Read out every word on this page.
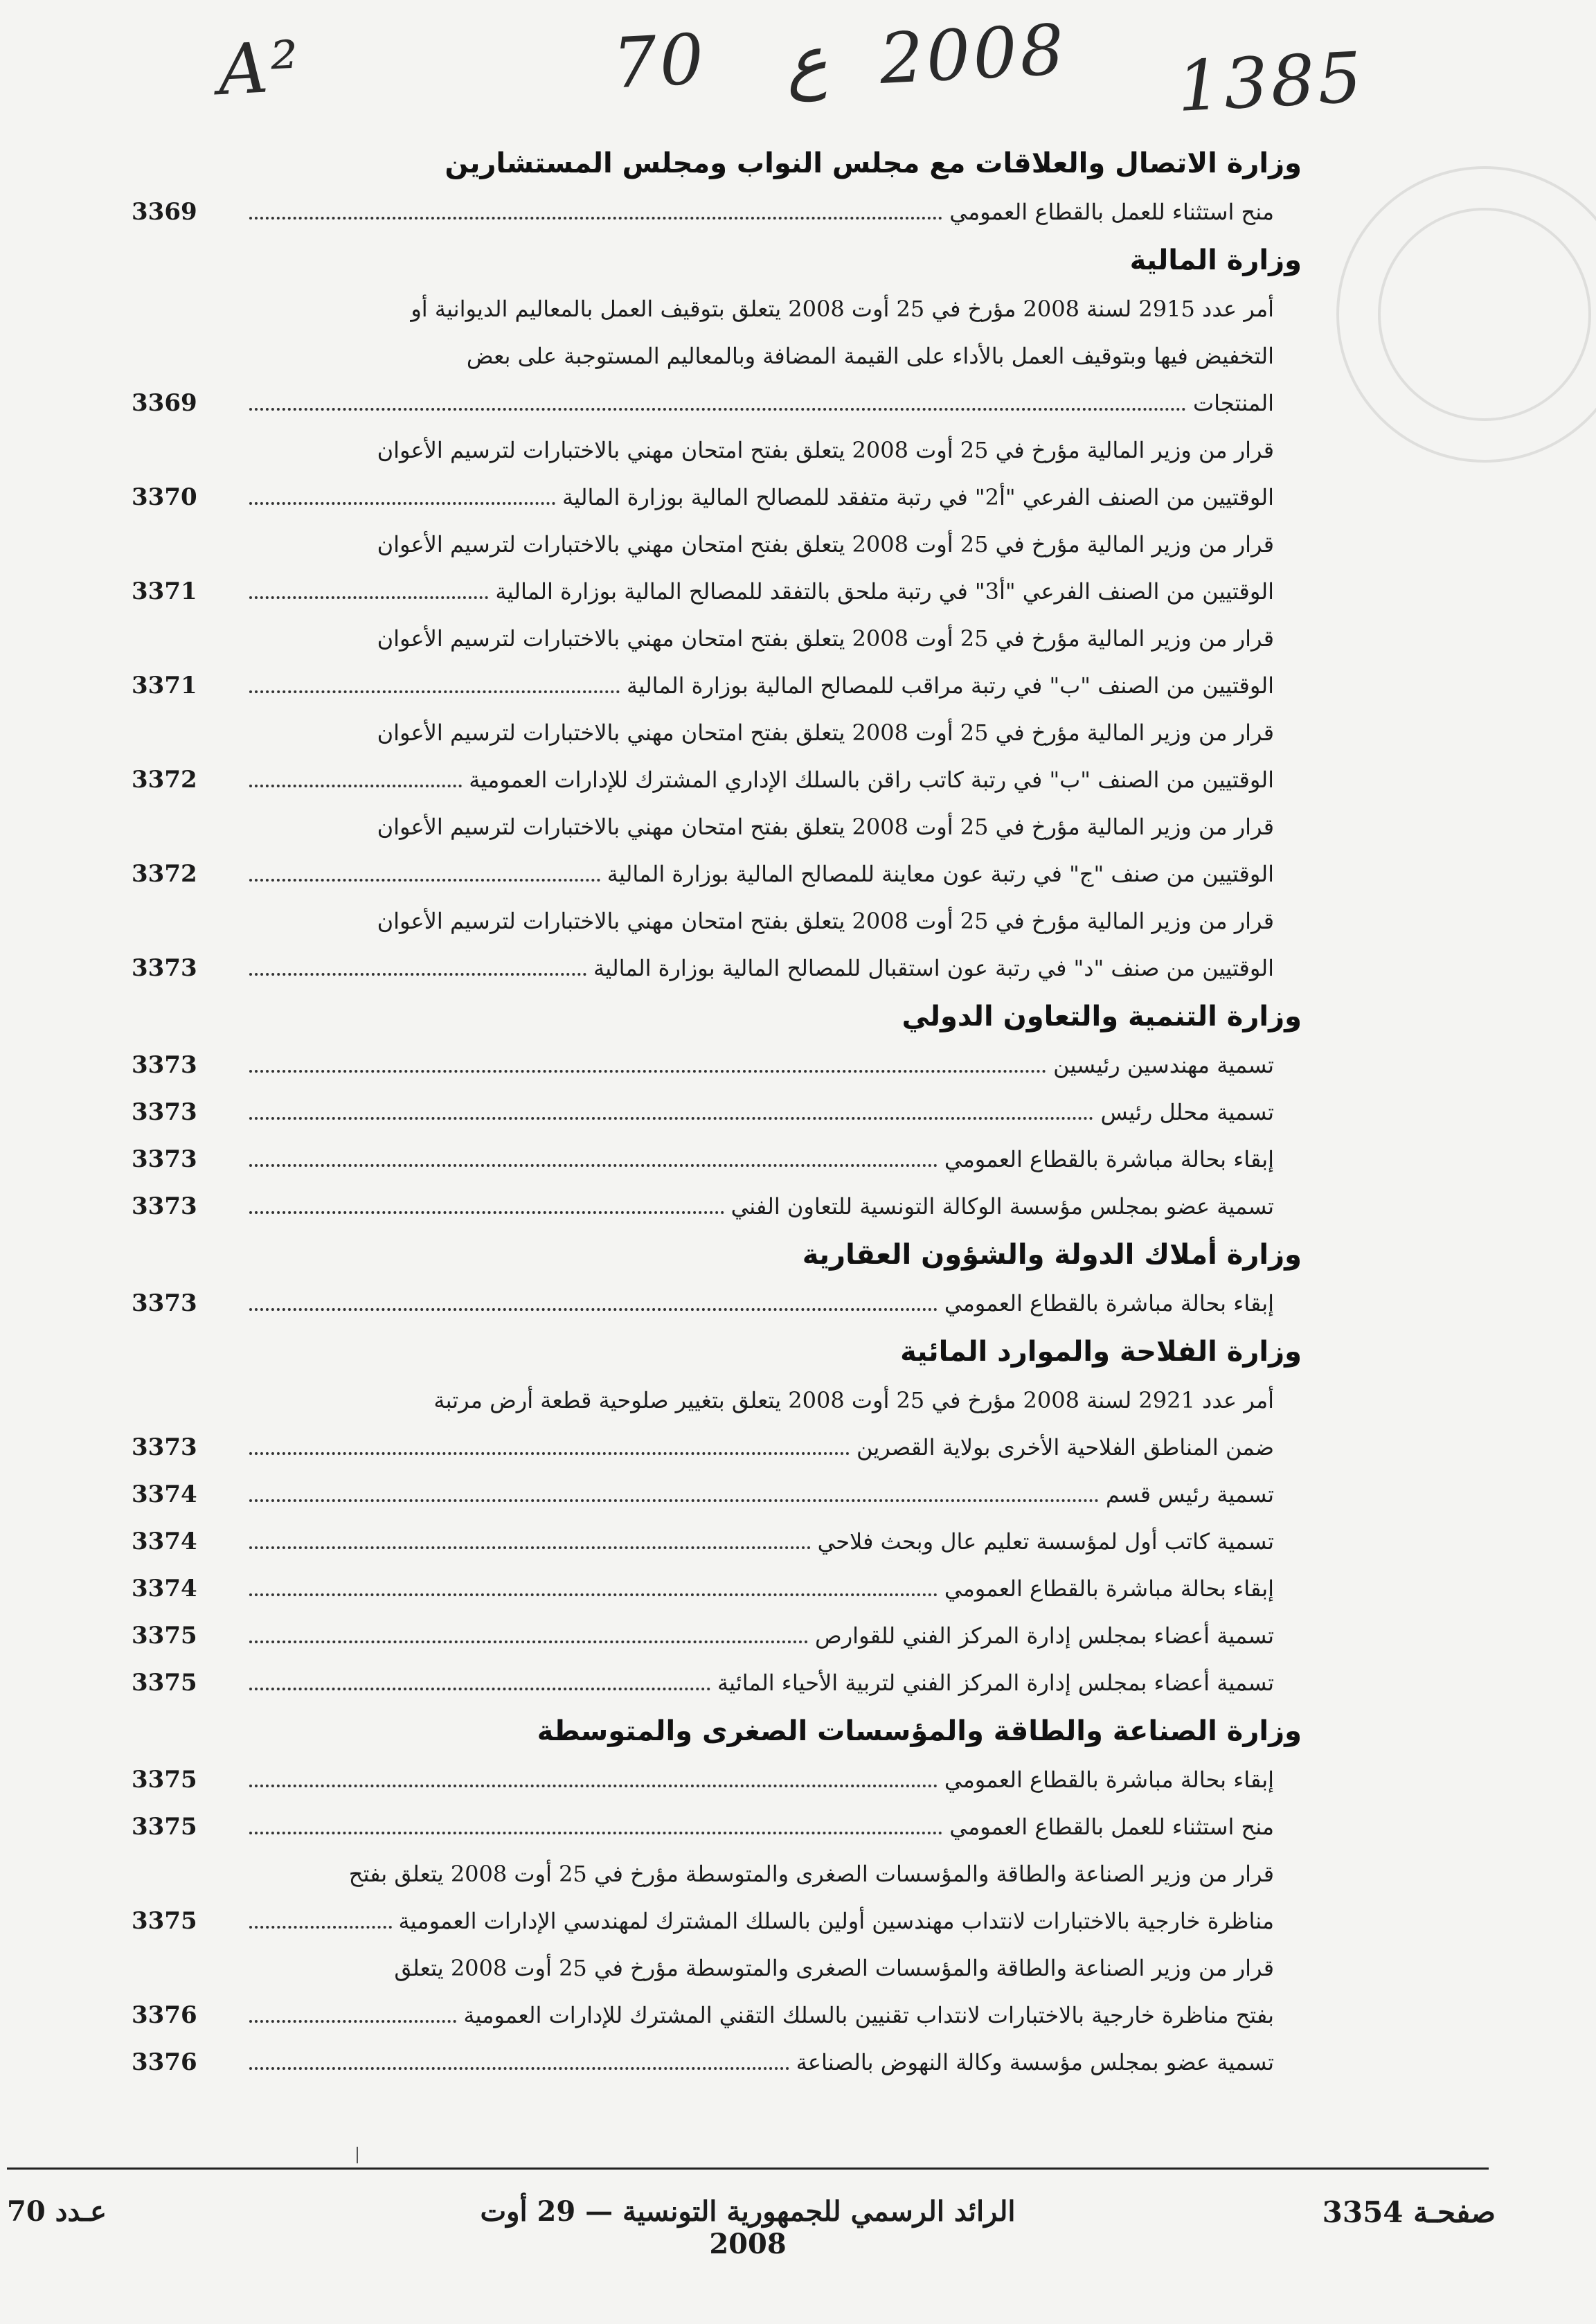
A²	70 ع 2008 1385
وزارة الاتصال والعلاقات مع مجلس النواب ومجلس المستشارين
منح استثناء للعمل بالقطاع العمومي
3369
وزارة المالية
أمر عدد 2915 لسنة 2008 مؤرخ في 25 أوت 2008 يتعلق بتوقيف العمل بالمعاليم الديوانية أو
التخفيض فيها وبتوقيف العمل بالأداء على القيمة المضافة وبالمعاليم المستوجبة على بعض
المنتجات
3369
قرار من وزير المالية مؤرخ في 25 أوت 2008 يتعلق بفتح امتحان مهني بالاختبارات لترسيم الأعوان
الوقتيين من الصنف الفرعي "أ2" في رتبة متفقد للمصالح المالية بوزارة المالية
3370
قرار من وزير المالية مؤرخ في 25 أوت 2008 يتعلق بفتح امتحان مهني بالاختبارات لترسيم الأعوان
الوقتيين من الصنف الفرعي "أ3" في رتبة ملحق بالتفقد للمصالح المالية بوزارة المالية
3371
قرار من وزير المالية مؤرخ في 25 أوت 2008 يتعلق بفتح امتحان مهني بالاختبارات لترسيم الأعوان
الوقتيين من الصنف "ب" في رتبة مراقب للمصالح المالية بوزارة المالية
3371
قرار من وزير المالية مؤرخ في 25 أوت 2008 يتعلق بفتح امتحان مهني بالاختبارات لترسيم الأعوان
الوقتيين من الصنف "ب" في رتبة كاتب راقن بالسلك الإداري المشترك للإدارات العمومية
3372
قرار من وزير المالية مؤرخ في 25 أوت 2008 يتعلق بفتح امتحان مهني بالاختبارات لترسيم الأعوان
الوقتيين من صنف "ج" في رتبة عون معاينة للمصالح المالية بوزارة المالية
3372
قرار من وزير المالية مؤرخ في 25 أوت 2008 يتعلق بفتح امتحان مهني بالاختبارات لترسيم الأعوان
الوقتيين من صنف "د" في رتبة عون استقبال للمصالح المالية بوزارة المالية
3373
وزارة التنمية والتعاون الدولي
تسمية مهندسين رئيسين
3373
تسمية محلل رئيس
3373
إبقاء بحالة مباشرة بالقطاع العمومي
3373
تسمية عضو بمجلس مؤسسة الوكالة التونسية للتعاون الفني
3373
وزارة أملاك الدولة والشؤون العقارية
إبقاء بحالة مباشرة بالقطاع العمومي
3373
وزارة الفلاحة والموارد المائية
أمر عدد 2921 لسنة 2008 مؤرخ في 25 أوت 2008 يتعلق بتغيير صلوحية قطعة أرض مرتبة
ضمن المناطق الفلاحية الأخرى بولاية القصرين
3373
تسمية رئيس قسم
3374
تسمية كاتب أول لمؤسسة تعليم عال وبحث فلاحي
3374
إبقاء بحالة مباشرة بالقطاع العمومي
3374
تسمية أعضاء بمجلس إدارة المركز الفني للقوارص
3375
تسمية أعضاء بمجلس إدارة المركز الفني لتربية الأحياء المائية
3375
وزارة الصناعة والطاقة والمؤسسات الصغرى والمتوسطة
إبقاء بحالة مباشرة بالقطاع العمومي
3375
منح استثناء للعمل بالقطاع العمومي
3375
قرار من وزير الصناعة والطاقة والمؤسسات الصغرى والمتوسطة مؤرخ في 25 أوت 2008 يتعلق بفتح
مناظرة خارجية بالاختبارات لانتداب مهندسين أولين بالسلك المشترك لمهندسي الإدارات العمومية
3375
قرار من وزير الصناعة والطاقة والمؤسسات الصغرى والمتوسطة مؤرخ في 25 أوت 2008 يتعلق
بفتح مناظرة خارجية بالاختبارات لانتداب تقنيين بالسلك التقني المشترك للإدارات العمومية
3376
تسمية عضو بمجلس مؤسسة وكالة النهوض بالصناعة
3376
عـدد 70	الرائد الرسمي للجمهورية التونسية — 29 أوت 2008
صفحـة 3354
